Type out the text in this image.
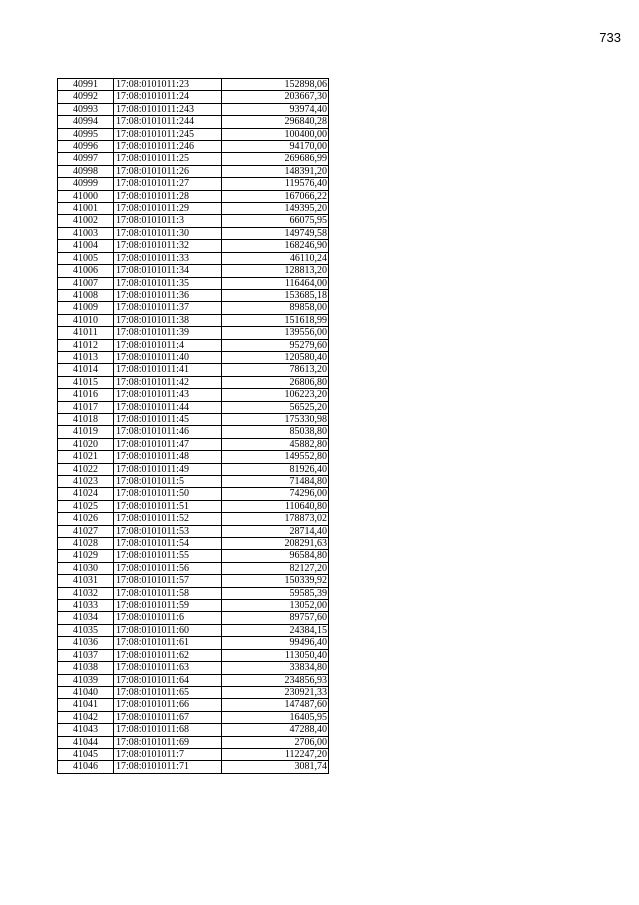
733
40991	17:08:0101011:23	152898,06
40992	17:08:0101011:24	203667,30
40993	17:08:0101011:243	93974,40
40994	17:08:0101011:244	296840,28
40995	17:08:0101011:245	100400,00
40996	17:08:0101011:246	94170,00
40997	17:08:0101011:25	269686,99
40998	17:08:0101011:26	148391,20
40999	17:08:0101011:27	119576,40
41000	17:08:0101011:28	167066,22
41001	17:08:0101011:29	149395,20
41002	17:08:0101011:3	66075,95
41003	17:08:0101011:30	149749,58
41004	17:08:0101011:32	168246,90
41005	17:08:0101011:33	46110,24
41006	17:08:0101011:34	128813,20
41007	17:08:0101011:35	116464,00
41008	17:08:0101011:36	153685,18
41009	17:08:0101011:37	89858,00
41010	17:08:0101011:38	151618,99
41011	17:08:0101011:39	139556,00
41012	17:08:0101011:4	95279,60
41013	17:08:0101011:40	120580,40
41014	17:08:0101011:41	78613,20
41015	17:08:0101011:42	26806,80
41016	17:08:0101011:43	106223,20
41017	17:08:0101011:44	56525,20
41018	17:08:0101011:45	175330,98
41019	17:08:0101011:46	85038,80
41020	17:08:0101011:47	45882,80
41021	17:08:0101011:48	149552,80
41022	17:08:0101011:49	81926,40
41023	17:08:0101011:5	71484,80
41024	17:08:0101011:50	74296,00
41025	17:08:0101011:51	110640,80
41026	17:08:0101011:52	178873,02
41027	17:08:0101011:53	28714,40
41028	17:08:0101011:54	208291,63
41029	17:08:0101011:55	96584,80
41030	17:08:0101011:56	82127,20
41031	17:08:0101011:57	150339,92
41032	17:08:0101011:58	59585,39
41033	17:08:0101011:59	13052,00
41034	17:08:0101011:6	89757,60
41035	17:08:0101011:60	24384,15
41036	17:08:0101011:61	99496,40
41037	17:08:0101011:62	113050,40
41038	17:08:0101011:63	33834,80
41039	17:08:0101011:64	234856,93
41040	17:08:0101011:65	230921,33
41041	17:08:0101011:66	147487,60
41042	17:08:0101011:67	16405,95
41043	17:08:0101011:68	47288,40
41044	17:08:0101011:69	2706,00
41045	17:08:0101011:7	112247,20
41046	17:08:0101011:71	3081,74
